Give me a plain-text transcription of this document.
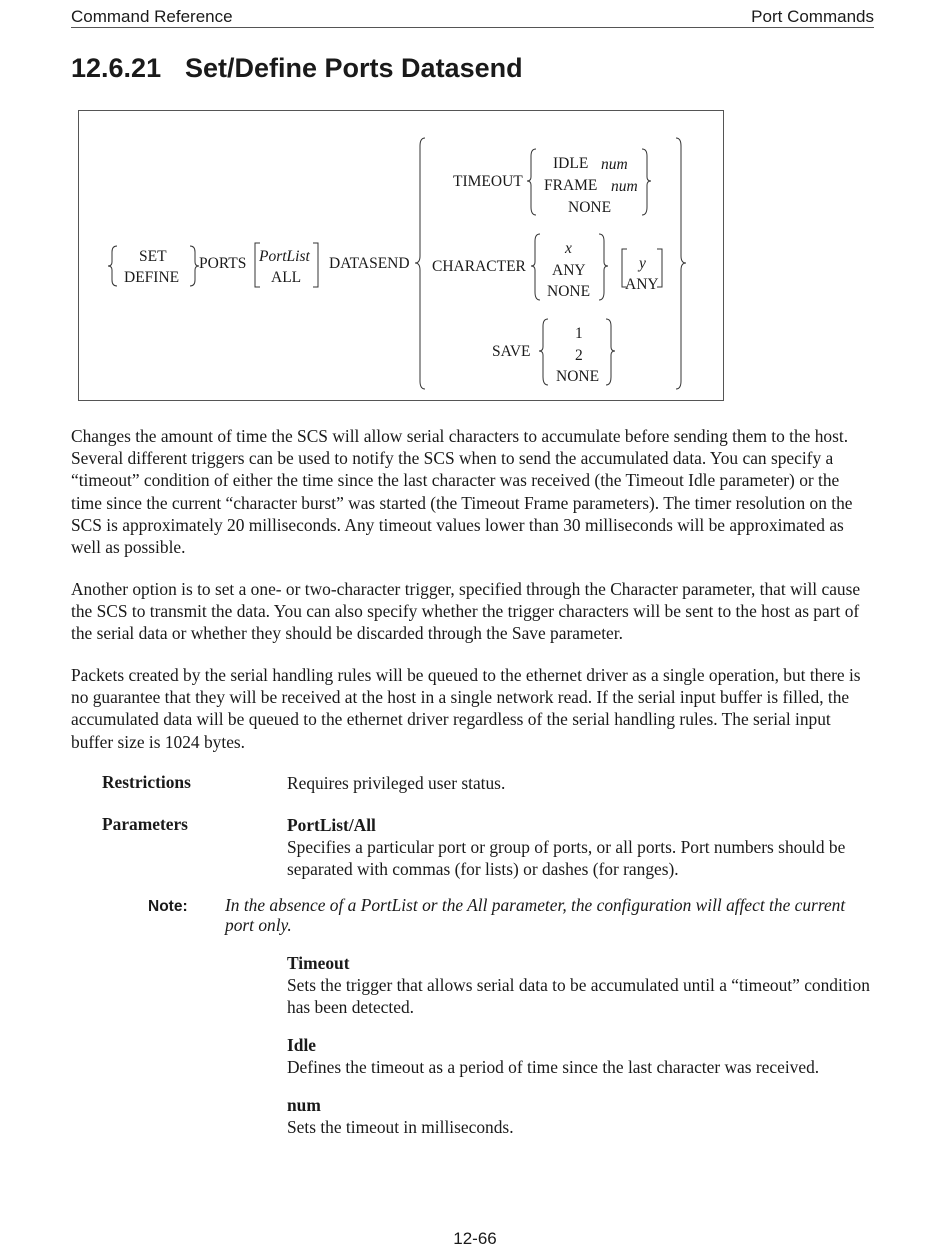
Command Reference	Port Commands
12.6.21 Set/Define Ports Datasend
SET
DEFINE
PORTS PortList
ALL
DATASEND
TIMEOUT
IDLE num
FRAME num
NONE
CHARACTER
x
ANY
NONE
y
ANY
SAVE
1
2
NONE

Changes the amount of time the SCS will allow serial characters to accumulate before sending them to the host. Several different triggers can be used to notify the SCS when to send the accumulated data. You can specify a “timeout” condition of either the time since the last character was received (the Timeout Idle parameter) or the time since the current “character burst” was started (the Timeout Frame parameters). The timer resolution on the SCS is approximately 20 milliseconds. Any timeout values lower than 30 milliseconds will be approximated as well as possible.

Another option is to set a one- or two-character trigger, specified through the Character parameter, that will cause the SCS to transmit the data. You can also specify whether the trigger characters will be sent to the host as part of the serial data or whether they should be discarded through the Save parameter.

Packets created by the serial handling rules will be queued to the ethernet driver as a single operation, but there is no guarantee that they will be received at the host in a single network read. If the serial input buffer is filled, the accumulated data will be queued to the ethernet driver regardless of the serial handling rules. The serial input buffer size is 1024 bytes.

Restrictions	Requires privileged user status.
Parameters	PortList/All
Specifies a particular port or group of ports, or all ports. Port numbers should be separated with commas (for lists) or dashes (for ranges).
Note: In the absence of a PortList or the All parameter, the configuration will affect the current port only.
Timeout
Sets the trigger that allows serial data to be accumulated until a “timeout” condition has been detected.
Idle
Defines the timeout as a period of time since the last character was received.
num
Sets the timeout in milliseconds.
12-66
